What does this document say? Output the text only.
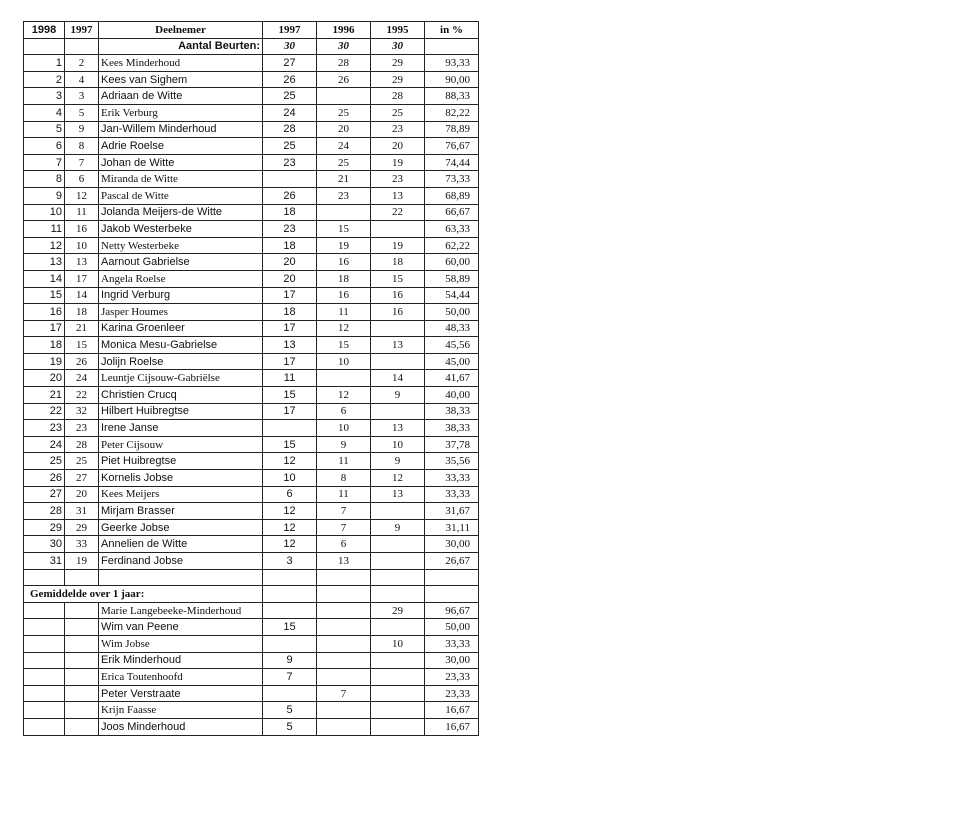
1998	1997	Deelnemer	1997	1996	1995	in %
		Aantal Beurten:	30	30	30	
1	2	Kees Minderhoud	27	28	29	93,33
2	4	Kees van Sighem	26	26	29	90,00
3	3	Adriaan de Witte	25		28	88,33
4	5	Erik Verburg	24	25	25	82,22
5	9	Jan-Willem Minderhoud	28	20	23	78,89
6	8	Adrie Roelse	25	24	20	76,67
7	7	Johan de Witte	23	25	19	74,44
8	6	Miranda de Witte		21	23	73,33
9	12	Pascal de Witte	26	23	13	68,89
10	11	Jolanda Meijers-de Witte	18		22	66,67
11	16	Jakob Westerbeke	23	15		63,33
12	10	Netty Westerbeke	18	19	19	62,22
13	13	Aarnout Gabrielse	20	16	18	60,00
14	17	Angela Roelse	20	18	15	58,89
15	14	Ingrid Verburg	17	16	16	54,44
16	18	Jasper Houmes	18	11	16	50,00
17	21	Karina Groenleer	17	12		48,33
18	15	Monica Mesu-Gabrielse	13	15	13	45,56
19	26	Jolijn Roelse	17	10		45,00
20	24	Leuntje Cijsouw-Gabriëlse	11		14	41,67
21	22	Christien Crucq	15	12	9	40,00
22	32	Hilbert Huibregtse	17	6		38,33
23	23	Irene Janse		10	13	38,33
24	28	Peter Cijsouw	15	9	10	37,78
25	25	Piet Huibregtse	12	11	9	35,56
26	27	Kornelis Jobse	10	8	12	33,33
27	20	Kees Meijers	6	11	13	33,33
28	31	Mirjam Brasser	12	7		31,67
29	29	Geerke Jobse	12	7	9	31,11
30	33	Annelien de Witte	12	6		30,00
31	19	Ferdinand Jobse	3	13		26,67

Gemiddelde over 1 jaar:						
		Marie Langebeeke-Minderhoud			29	96,67
		Wim van Peene	15			50,00
		Wim Jobse			10	33,33
		Erik Minderhoud	9			30,00
		Erica Toutenhoofd	7			23,33
		Peter Verstraate		7		23,33
		Krijn Faasse	5			16,67
		Joos Minderhoud	5			16,67
